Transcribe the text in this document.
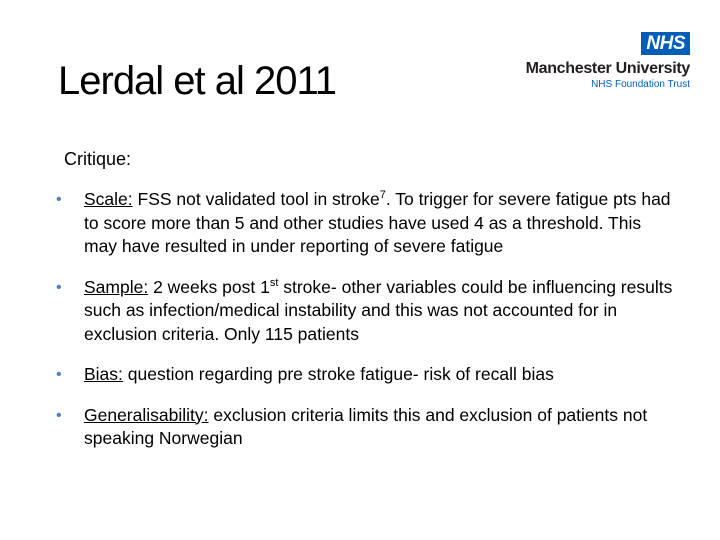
Lerdal et al 2011
NHS
Manchester University
NHS Foundation Trust
Critique:
• Scale: FSS not validated tool in stroke$^7$. To trigger for severe fatigue pts had to score more than 5 and other studies have used 4 as a threshold. This may have resulted in under reporting of severe fatigue
• Sample: 2 weeks post 1st stroke- other variables could be influencing results such as infection/medical instability and this was not accounted for in exclusion criteria. Only 115 patients
• Bias: question regarding pre stroke fatigue- risk of recall bias
• Generalisability: exclusion criteria limits this and exclusion of patients not speaking Norwegian
